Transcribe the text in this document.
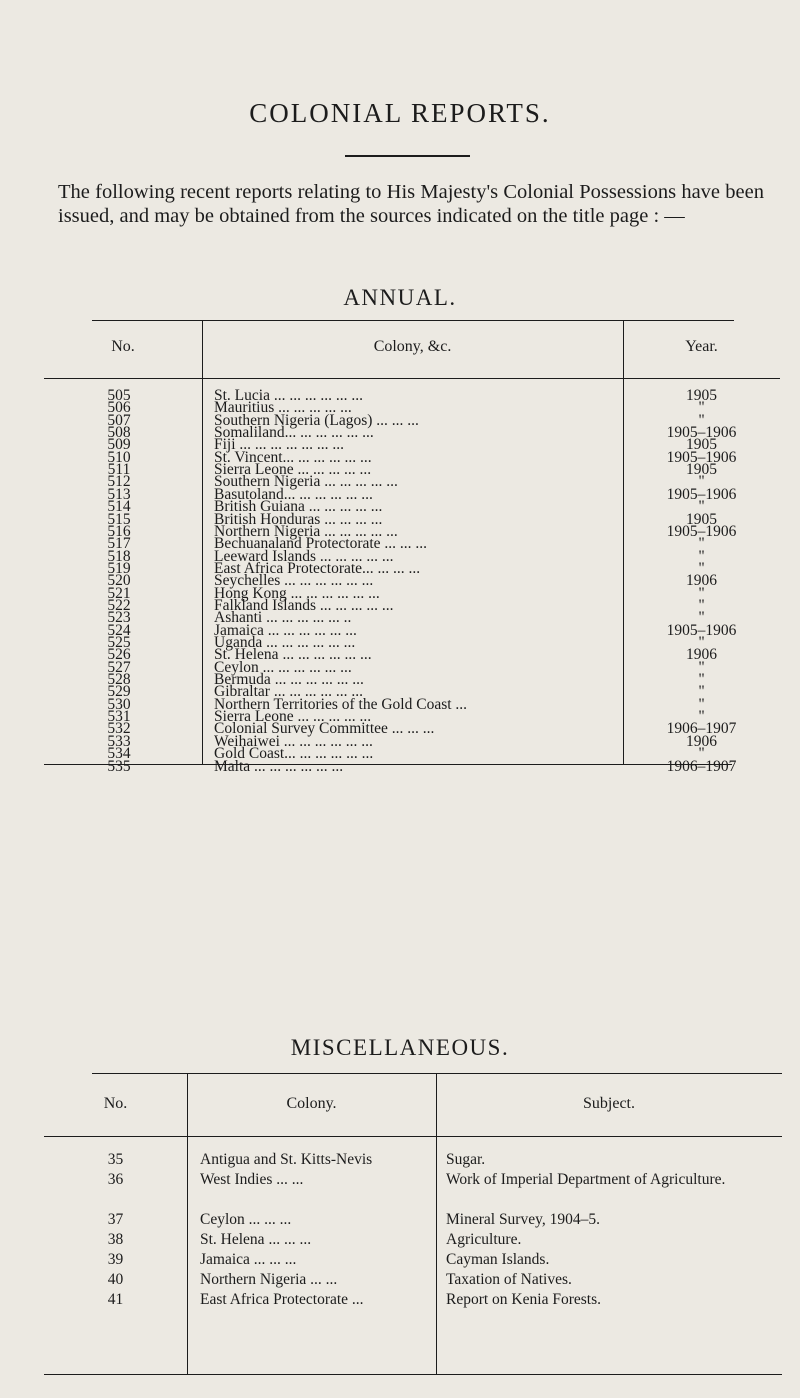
COLONIAL REPORTS.
The following recent reports relating to His Majesty's Colonial Possessions have been issued, and may be obtained from the sources indicated on the title page : —
ANNUAL.
No.	Colony, &c.	Year.
505	St. Lucia ... ... ... ... ... ...	1905
506	Mauritius ... ... ... ... ...	"
507	Southern Nigeria (Lagos) ... ... ...	"
508	Somaliland... ... ... ... ... ...	1905–1906
509	Fiji ... ... ... ... ... ... ...	1905
510	St. Vincent... ... ... ... ... ...	1905–1906
511	Sierra Leone ... ... ... ... ...	1905
512	Southern Nigeria ... ... ... ... ...	"
513	Basutoland... ... ... ... ... ...	1905–1906
514	British Guiana ... ... ... ... ...	"
515	British Honduras ... ... ... ...	1905
516	Northern Nigeria ... ... ... ... ...	1905–1906
517	Bechuanaland Protectorate ... ... ...	"
518	Leeward Islands ... ... ... ... ...	"
519	East Africa Protectorate... ... ... ...	"
520	Seychelles ... ... ... ... ... ...	1906
521	Hong Kong ... ... ... ... ... ...	"
522	Falkland Islands ... ... ... ... ...	"
523	Ashanti ... ... ... ... ... ..	"
524	Jamaica ... ... ... ... ... ...	1905–1906
525	Uganda ... ... ... ... ... ...	"
526	St. Helena ... ... ... ... ... ...	1906
527	Ceylon ... ... ... ... ... ...	"
528	Bermuda ... ... ... ... ... ...	"
529	Gibraltar ... ... ... ... ... ...	"
530	Northern Territories of the Gold Coast ...	"
531	Sierra Leone ... ... ... ... ...	"
532	Colonial Survey Committee ... ... ...	1906–1907
533	Weihaiwei ... ... ... ... ... ...	1906
534	Gold Coast... ... ... ... ... ...	"
535	Malta ... ... ... ... ... ...	1906–1907
MISCELLANEOUS.
No.	Colony.	Subject.
35	Antigua and St. Kitts-Nevis	Sugar.
36	West Indies ... ...	Work of Imperial Department of Agriculture.
37	Ceylon ... ... ...	Mineral Survey, 1904–5.
38	St. Helena ... ... ...	Agriculture.
39	Jamaica ... ... ...	Cayman Islands.
40	Northern Nigeria ... ...	Taxation of Natives.
41	East Africa Protectorate ...	Report on Kenia Forests.
